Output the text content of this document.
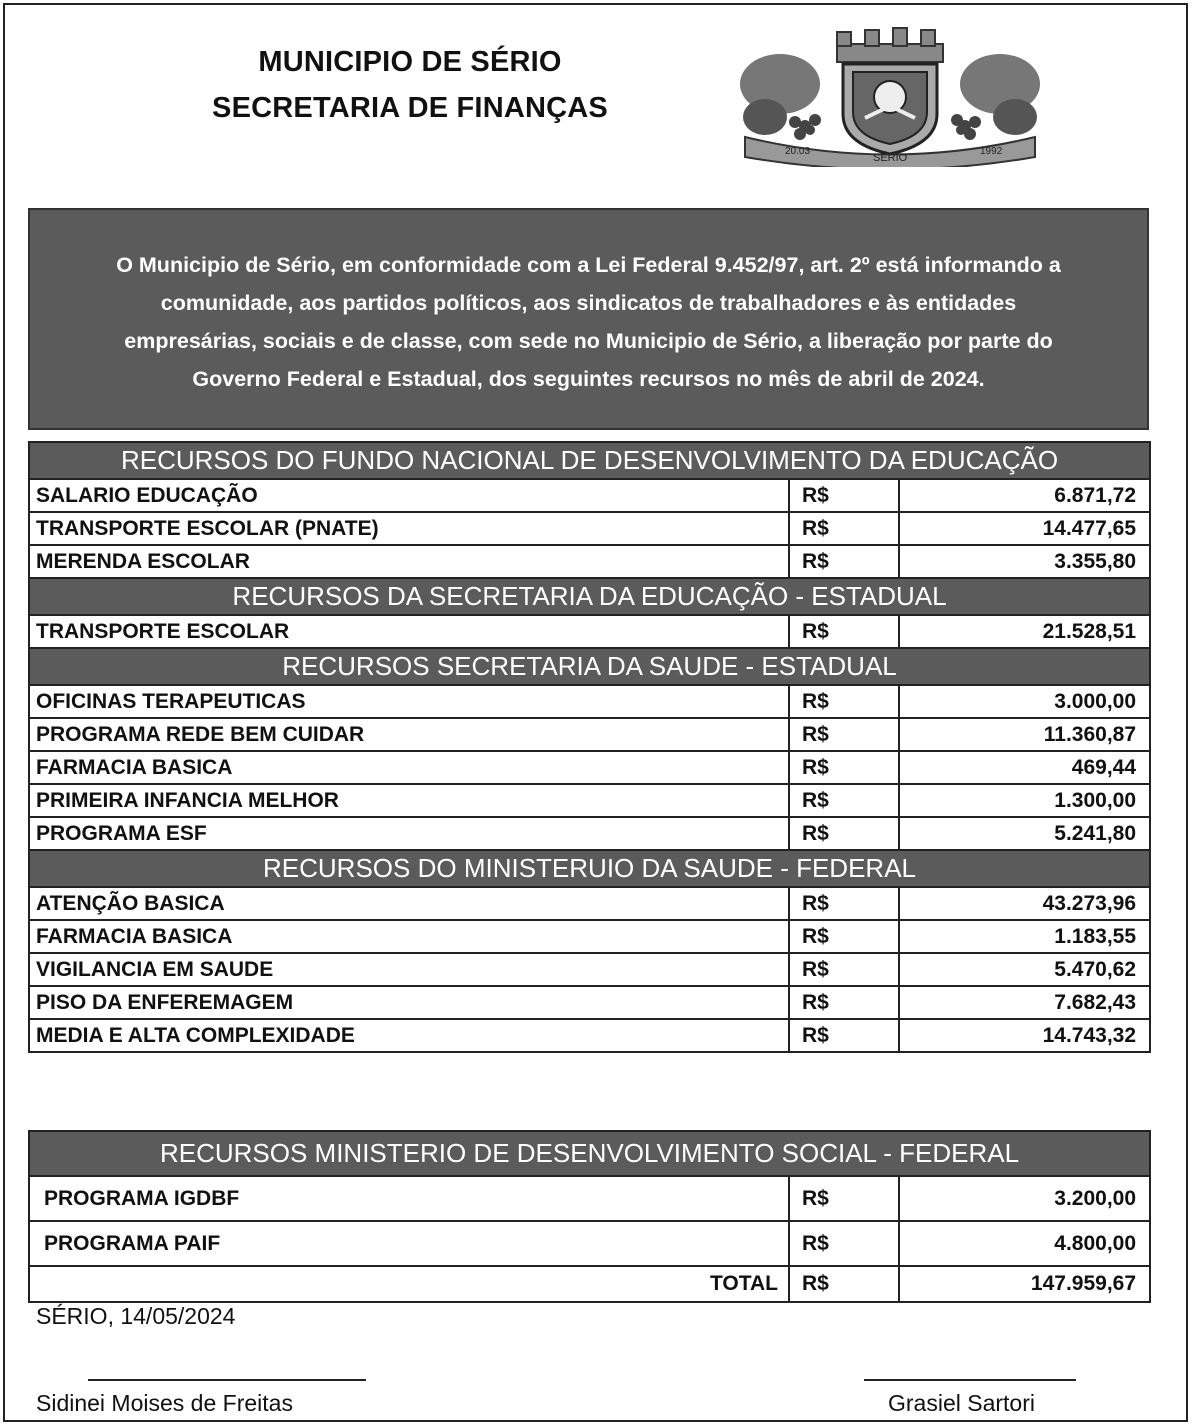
MUNICIPIO DE SÉRIO
SECRETARIA DE FINANÇAS
20.03
SÉRIO
1992
O Municipio de Sério, em conformidade com a Lei Federal 9.452/97, art. 2º está informando a
comunidade, aos partidos políticos, aos sindicatos de trabalhadores e às entidades
empresárias, sociais e de classe, com sede no Municipio de Sério, a liberação por parte do
Governo Federal e Estadual, dos seguintes recursos no mês de abril de 2024.
RECURSOS DO FUNDO NACIONAL DE DESENVOLVIMENTO DA EDUCAÇÃO		
SALARIO EDUCAÇÃO	R$	6.871,72
TRANSPORTE ESCOLAR (PNATE)	R$	14.477,65
MERENDA ESCOLAR	R$	3.355,80
RECURSOS DA SECRETARIA DA EDUCAÇÃO - ESTADUAL		
TRANSPORTE ESCOLAR	R$	21.528,51
RECURSOS SECRETARIA DA SAUDE - ESTADUAL		
OFICINAS TERAPEUTICAS	R$	3.000,00
PROGRAMA REDE BEM CUIDAR	R$	11.360,87
FARMACIA BASICA	R$	469,44
PRIMEIRA INFANCIA MELHOR	R$	1.300,00
PROGRAMA ESF	R$	5.241,80
RECURSOS DO MINISTERUIO DA SAUDE - FEDERAL		
ATENÇÃO BASICA	R$	43.273,96
FARMACIA BASICA	R$	1.183,55
VIGILANCIA EM SAUDE	R$	5.470,62
PISO DA ENFEREMAGEM	R$	7.682,43
MEDIA E ALTA COMPLEXIDADE	R$	14.743,32
RECURSOS MINISTERIO DE DESENVOLVIMENTO SOCIAL - FEDERAL		
PROGRAMA IGDBF	R$	3.200,00
PROGRAMA PAIF	R$	4.800,00
TOTAL	R$	147.959,67
SÉRIO, 14/05/2024
Sidinei Moises de Freitas	Grasiel Sartori
